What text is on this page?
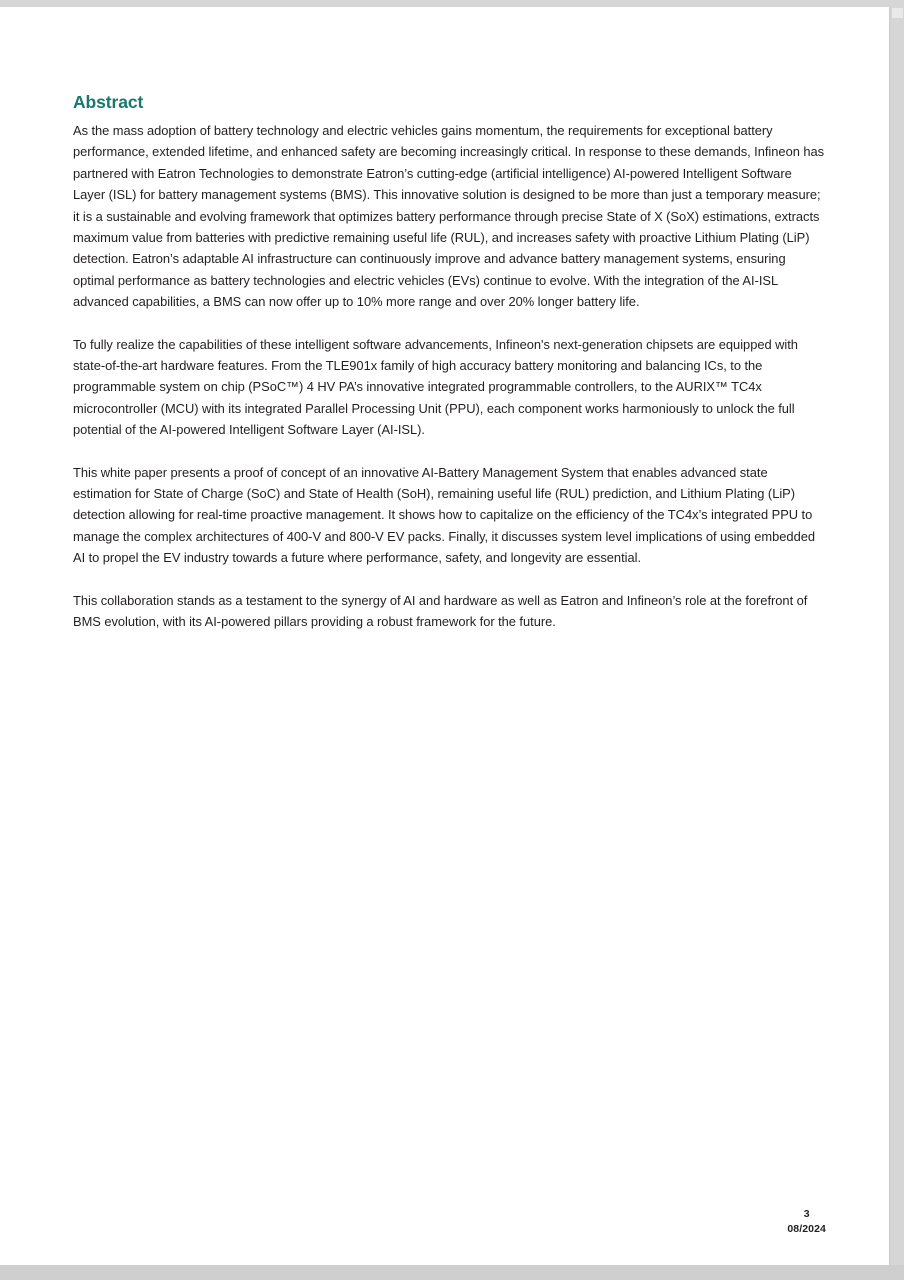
Abstract

As the mass adoption of battery technology and electric vehicles gains momentum, the requirements for exceptional battery performance, extended lifetime, and enhanced safety are becoming increasingly critical. In response to these demands, Infineon has partnered with Eatron Technologies to demonstrate Eatron’s cutting-edge (artificial intelligence) AI-powered Intelligent Software Layer (ISL) for battery management systems (BMS). This innovative solution is designed to be more than just a temporary measure; it is a sustainable and evolving framework that optimizes battery performance through precise State of X (SoX) estimations, extracts maximum value from batteries with predictive remaining useful life (RUL), and increases safety with proactive Lithium Plating (LiP) detection. Eatron’s adaptable AI infrastructure can continuously improve and advance battery management systems, ensuring optimal performance as battery technologies and electric vehicles (EVs) continue to evolve. With the integration of the AI-ISL advanced capabilities, a BMS can now offer up to 10% more range and over 20% longer battery life.

To fully realize the capabilities of these intelligent software advancements, Infineon's next-generation chipsets are equipped with state-of-the-art hardware features. From the TLE901x family of high accuracy battery monitoring and balancing ICs, to the programmable system on chip (PSoC™) 4 HV PA’s innovative integrated programmable controllers, to the AURIX™ TC4x microcontroller (MCU) with its integrated Parallel Processing Unit (PPU), each component works harmoniously to unlock the full potential of the AI-powered Intelligent Software Layer (AI-ISL).

This white paper presents a proof of concept of an innovative AI-Battery Management System that enables advanced state estimation for State of Charge (SoC) and State of Health (SoH), remaining useful life (RUL) prediction, and Lithium Plating (LiP) detection allowing for real-time proactive management. It shows how to capitalize on the efficiency of the TC4x’s integrated PPU to manage the complex architectures of 400-V and 800-V EV packs. Finally, it discusses system level implications of using embedded AI to propel the EV industry towards a future where performance, safety, and longevity are essential.

This collaboration stands as a testament to the synergy of AI and hardware as well as Eatron and Infineon’s role at the forefront of BMS evolution, with its AI-powered pillars providing a robust framework for the future.

3
08/2024
